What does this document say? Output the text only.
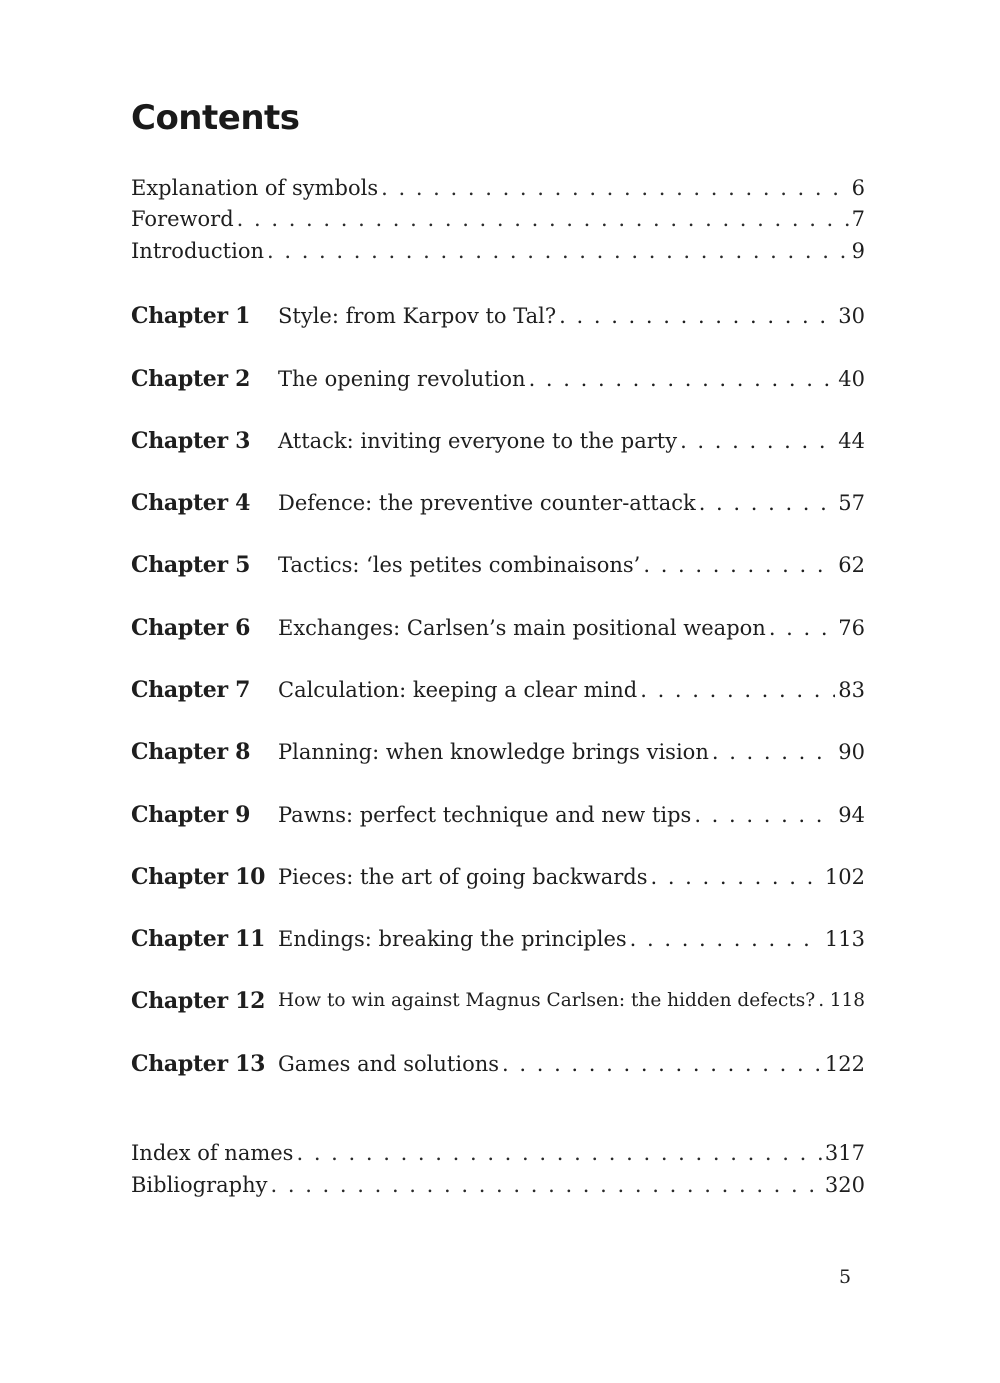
Contents
Explanation of symbols . . .	6
Foreword . . .	7
Introduction . . .	9
Chapter 1 Style: from Karpov to Tal? . . .	30
Chapter 2 The opening revolution . . .	40
Chapter 3 Attack: inviting everyone to the party . . .	44
Chapter 4 Defence: the preventive counter-attack . . .	57
Chapter 5 Tactics: ‘les petites combinaisons’ . . .	62
Chapter 6 Exchanges: Carlsen’s main positional weapon . . .	76
Chapter 7 Calculation: keeping a clear mind . . .	83
Chapter 8 Planning: when knowledge brings vision . . .	90
Chapter 9 Pawns: perfect technique and new tips . . .	94
Chapter 10 Pieces: the art of going backwards . . .	102
Chapter 11 Endings: breaking the principles . . .	113
Chapter 12 How to win against Magnus Carlsen: the hidden defects? . . . 118
Chapter 13 Games and solutions . . .	122
Index of names . . .	317
Bibliography . . .	320
5
